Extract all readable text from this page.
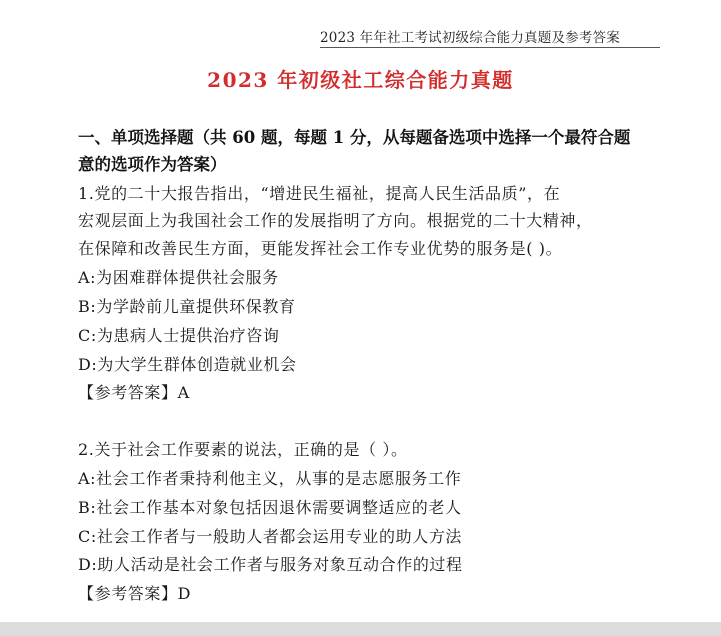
2023 年年社工考试初级综合能力真题及参考答案
2023 年初级社工综合能力真题
一、单项选择题（共 60 题，每题 1 分，从每题备选项中选择一个最符合题意的选项作为答案）
1.党的二十大报告指出，“增进民生福祉，提高人民生活品质”，在
宏观层面上为我国社会工作的发展指明了方向。根据党的二十大精神，
在保障和改善民生方面，更能发挥社会工作专业优势的服务是( )。
A:为困难群体提供社会服务
B:为学龄前儿童提供环保教育
C:为患病人士提供治疗咨询
D:为大学生群体创造就业机会
【参考答案】A
2.关于社会工作要素的说法，正确的是（ ）。
A:社会工作者秉持利他主义，从事的是志愿服务工作
B:社会工作基本对象包括因退休需要调整适应的老人
C:社会工作者与一般助人者都会运用专业的助人方法
D:助人活动是社会工作者与服务对象互动合作的过程
【参考答案】D
